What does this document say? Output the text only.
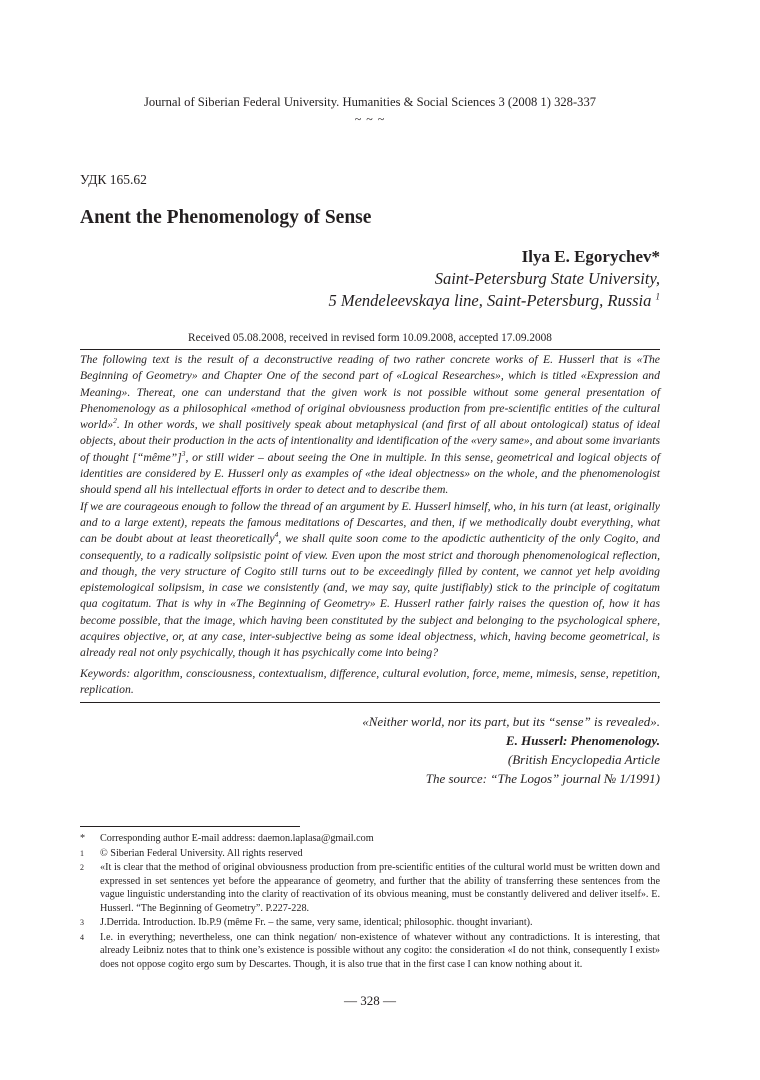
Journal of Siberian Federal University. Humanities & Social Sciences 3 (2008 1) 328-337
~ ~ ~
УДК 165.62
Anent the Phenomenology of Sense
Ilya E. Egorychev*
Saint-Petersburg State University,
5 Mendeleevskaya line, Saint-Petersburg, Russia $^1$
Received 05.08.2008, received in revised form 10.09.2008, accepted 17.09.2008

The following text is the result of a deconstructive reading of two rather concrete works of E. Husserl that is «The Beginning of Geometry» and Chapter One of the second part of «Logical Researches», which is titled «Expression and Meaning». Thereat, one can understand that the given work is not possible without some general presentation of Phenomenology as a philosophical «method of original obviousness production from pre-scientific entities of the cultural world»$^2$. In other words, we shall positively speak about metaphysical (and first of all about ontological) status of ideal objects, about their production in the acts of intentionality and identification of the «very same», and about some invariants of thought [“même”]$^3$, or still wider – about seeing the One in multiple. In this sense, geometrical and logical objects of identities are considered by E. Husserl only as examples of «the ideal objectness» on the whole, and the phenomenologist should spend all his intellectual efforts in order to detect and to describe them.

If we are courageous enough to follow the thread of an argument by E. Husserl himself, who, in his turn (at least, originally and to a large extent), repeats the famous meditations of Descartes, and then, if we methodically doubt everything, what can be doubt about at least theoretically$^4$, we shall quite soon come to the apodictic authenticity of the only Cogito, and consequently, to a radically solipsistic point of view. Even upon the most strict and thorough phenomenological reflection, and though, the very structure of Cogito still turns out to be exceedingly filled by content, we cannot yet help avoiding epistemological solipsism, in case we consistently (and, we may say, quite justifiably) stick to the principle of cogitatum qua cogitatum. That is why in «The Beginning of Geometry» E. Husserl rather fairly raises the question of, how it has become possible, that the image, which having been constituted by the subject and belonging to the psychological sphere, acquires objective, or, at any case, inter-subjective being as some ideal objectness, which, having become geometrical, is already real not only psychically, though it has psychically come into being?

Keywords: algorithm, consciousness, contextualism, difference, cultural evolution, force, meme, mimesis, sense, repetition, replication.

«Neither world, nor its part, but its “sense” is revealed».
E. Husserl: Phenomenology.
(British Encyclopedia Article
The source: “The Logos” journal № 1/1991)
*	Corresponding author E-mail address: daemon.laplasa@gmail.com
1	© Siberian Federal University. All rights reserved
2	«It is clear that the method of original obviousness production from pre-scientific entities of the cultural world must be written down and expressed in set sentences yet before the appearance of geometry, and further that the ability of transferring these sentences from the vague linguistic understanding into the clarity of reactivation of its obvious meaning, must be constantly delivered and deliver itself». E. Husserl. “The Beginning of Geometry”. P.227-228.
3	J.Derrida. Introduction. Ib.P.9 (même Fr. – the same, very same, identical; philosophic. thought invariant).
4	I.e. in everything; nevertheless, one can think negation/ non-existence of whatever without any contradictions. It is interesting, that already Leibniz notes that to think one’s existence is possible without any cogito: the consideration «I do not think, consequently I exist» does not oppose cogito ergo sum by Descartes. Though, it is also true that in the first case I can know nothing about it.
— 328 —
